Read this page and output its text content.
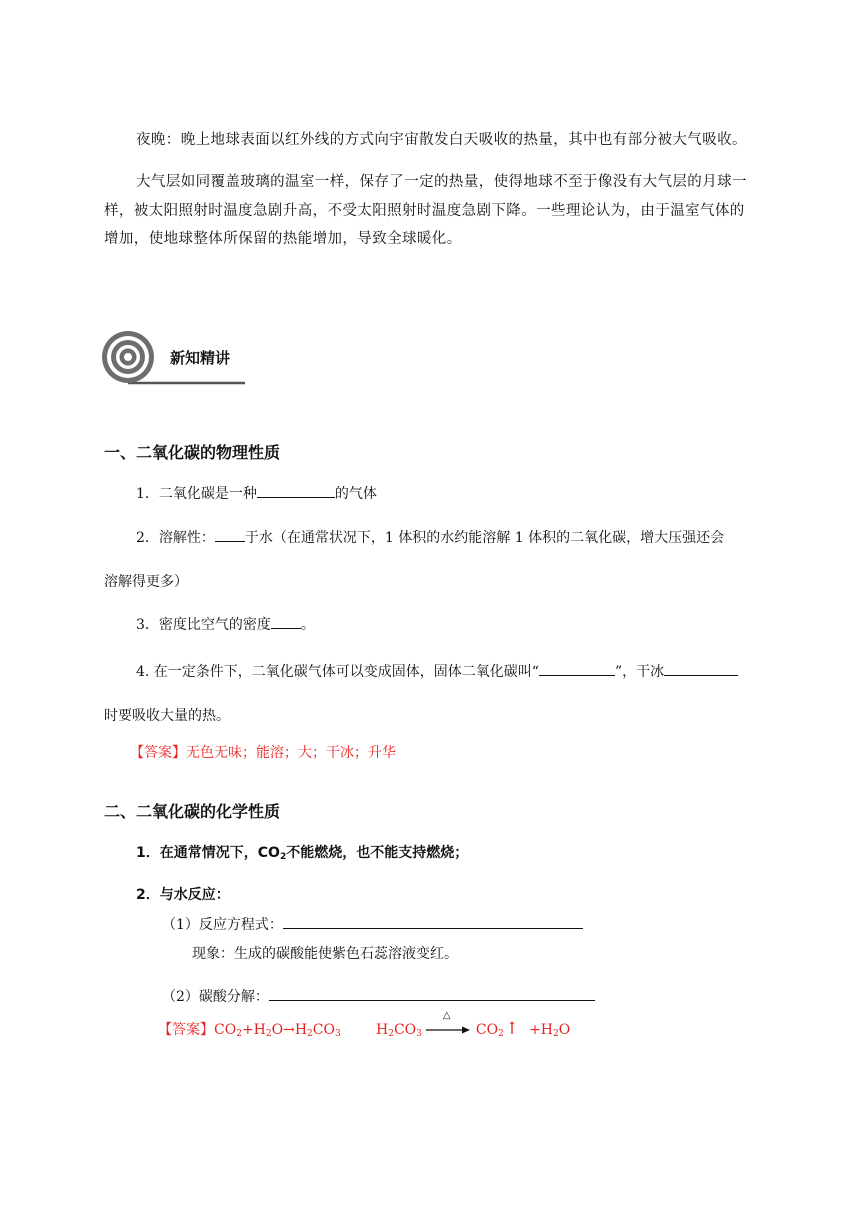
夜晚：晚上地球表面以红外线的方式向宇宙散发白天吸收的热量，其中也有部分被大气吸收。
大气层如同覆盖玻璃的温室一样，保存了一定的热量，使得地球不至于像没有大气层的月球一
样，被太阳照射时温度急剧升高，不受太阳照射时温度急剧下降。一些理论认为，由于温室气体的
增加，使地球整体所保留的热能增加，导致全球暖化。
新知精讲
一、二氧化碳的物理性质
1．二氧化碳是一种	的气体
2．溶解性： 于水（在通常状况下，1 体积的水约能溶解 1 体积的二氧化碳，增大压强还会
溶解得更多）
3．密度比空气的密度 。
4. 在一定条件下，二氧化碳气体可以变成固体，固体二氧化碳叫“	”，干冰
时要吸收大量的热。
【答案】无色无味；能溶；大；干冰；升华
二、二氧化碳的化学性质
1．在通常情况下，$CO_2$不能燃烧，也不能支持燃烧；
2．与水反应：
（1）反应方程式：
现象：生成的碳酸能使紫色石蕊溶液变红。
（2）碳酸分解：
【答案】$CO_2+H_2O\to H_2CO_3$	$H_2CO_3$
△
$CO_2↑ +H_2O$
